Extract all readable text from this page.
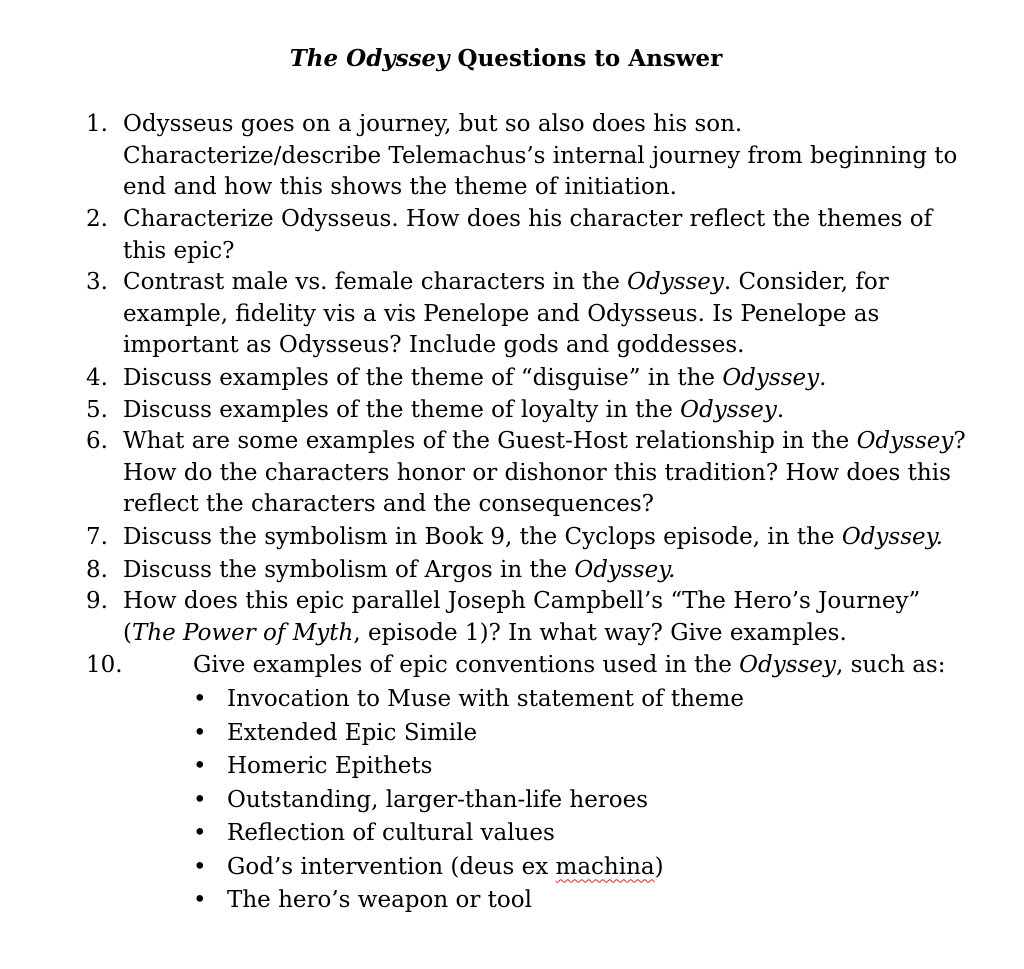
The Odyssey Questions to Answer
1. Odysseus goes on a journey, but so also does his son. Characterize/describe Telemachus’s internal journey from beginning to end and how this shows the theme of initiation.
2. Characterize Odysseus. How does his character reflect the themes of this epic?
3. Contrast male vs. female characters in the Odyssey. Consider, for example, fidelity vis a vis Penelope and Odysseus. Is Penelope as important as Odysseus? Include gods and goddesses.
4. Discuss examples of the theme of “disguise” in the Odyssey.
5. Discuss examples of the theme of loyalty in the Odyssey.
6. What are some examples of the Guest-Host relationship in the Odyssey? How do the characters honor or dishonor this tradition? How does this reflect the characters and the consequences?
7. Discuss the symbolism in Book 9, the Cyclops episode, in the Odyssey.
8. Discuss the symbolism of Argos in the Odyssey.
9. How does this epic parallel Joseph Campbell’s “The Hero’s Journey” (The Power of Myth, episode 1)? In what way? Give examples.
10.	Give examples of epic conventions used in the Odyssey, such as:
• Invocation to Muse with statement of theme
• Extended Epic Simile
• Homeric Epithets
• Outstanding, larger-than-life heroes
• Reflection of cultural values
• God’s intervention (deus ex machina)
• The hero’s weapon or tool
